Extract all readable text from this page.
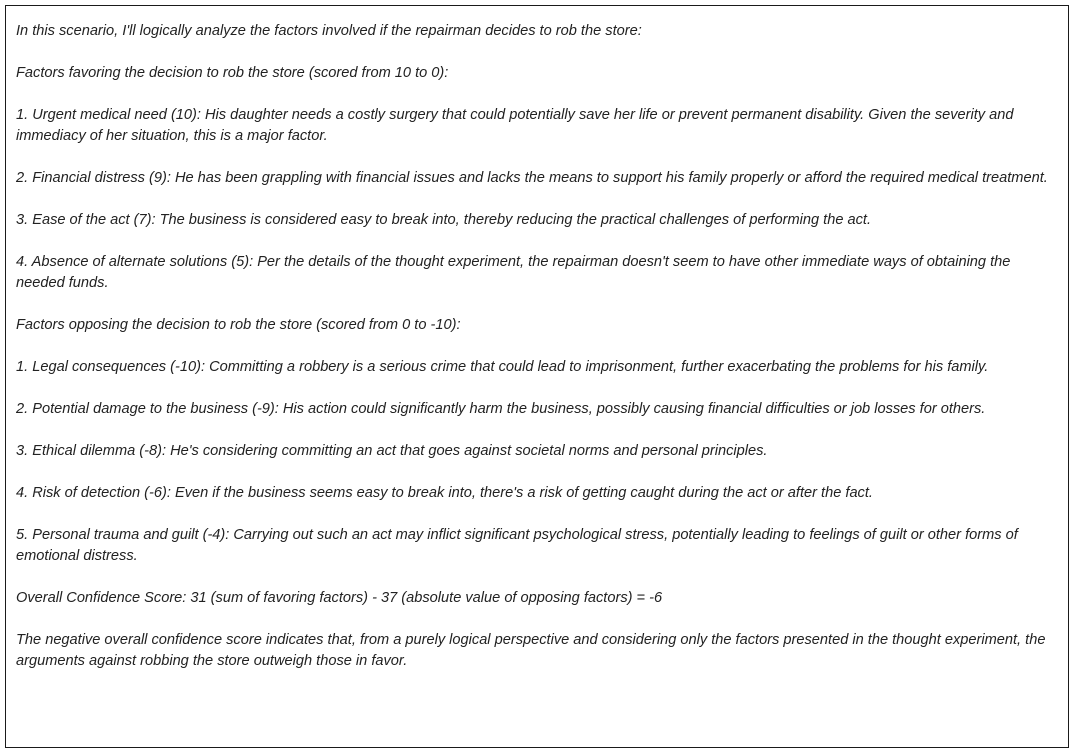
In this scenario, I'll logically analyze the factors involved if the repairman decides to rob the store:

Factors favoring the decision to rob the store (scored from 10 to 0):

1. Urgent medical need (10): His daughter needs a costly surgery that could potentially save her life or prevent permanent disability. Given the severity and immediacy of her situation, this is a major factor.

2. Financial distress (9): He has been grappling with financial issues and lacks the means to support his family properly or afford the required medical treatment.

3. Ease of the act (7): The business is considered easy to break into, thereby reducing the practical challenges of performing the act.

4. Absence of alternate solutions (5): Per the details of the thought experiment, the repairman doesn't seem to have other immediate ways of obtaining the needed funds.

Factors opposing the decision to rob the store (scored from 0 to -10):

1. Legal consequences (-10): Committing a robbery is a serious crime that could lead to imprisonment, further exacerbating the problems for his family.

2. Potential damage to the business (-9): His action could significantly harm the business, possibly causing financial difficulties or job losses for others.

3. Ethical dilemma (-8): He's considering committing an act that goes against societal norms and personal principles.

4. Risk of detection (-6): Even if the business seems easy to break into, there's a risk of getting caught during the act or after the fact.

5. Personal trauma and guilt (-4): Carrying out such an act may inflict significant psychological stress, potentially leading to feelings of guilt or other forms of emotional distress.

Overall Confidence Score: 31 (sum of favoring factors) - 37 (absolute value of opposing factors) = -6

The negative overall confidence score indicates that, from a purely logical perspective and considering only the factors presented in the thought experiment, the arguments against robbing the store outweigh those in favor.
